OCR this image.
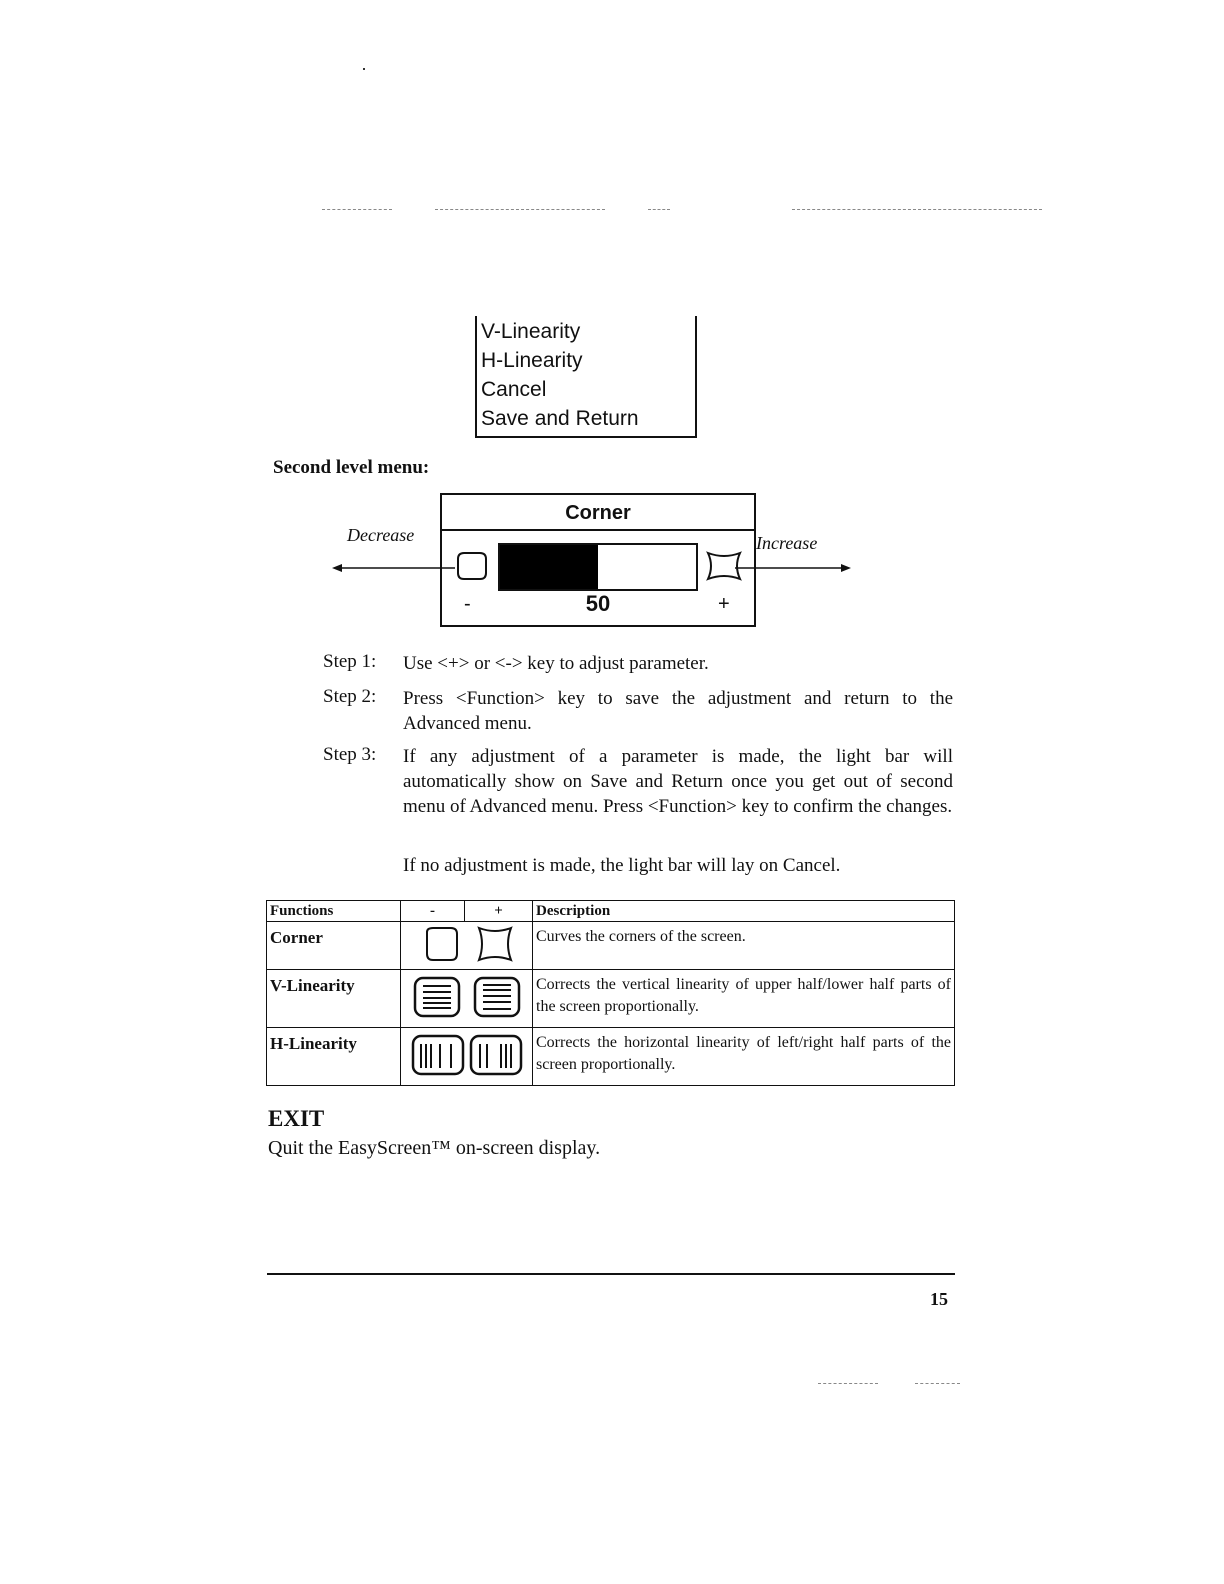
V-Linearity
H-Linearity
Cancel
Save and Return
Second level menu:
Decrease	Increase
Corner
-	50	+
Step 1: Use <+> or <-> key to adjust parameter.
Step 2: Press <Function> key to save the adjustment and return to the Advanced menu.
Step 3: If any adjustment of a parameter is made, the light bar will automatically show on Save and Return once you get out of second menu of Advanced menu. Press <Function> key to confirm the changes.
If no adjustment is made, the light bar will lay on Cancel.
Functions	-	+	Description
Corner			Curves the corners of the screen.
V-Linearity			Corrects the vertical linearity of upper half/lower half parts of the screen proportionally.
H-Linearity			Corrects the horizontal linearity of left/right half parts of the screen proportionally.
EXIT
Quit the EasyScreen™ on-screen display.
15
